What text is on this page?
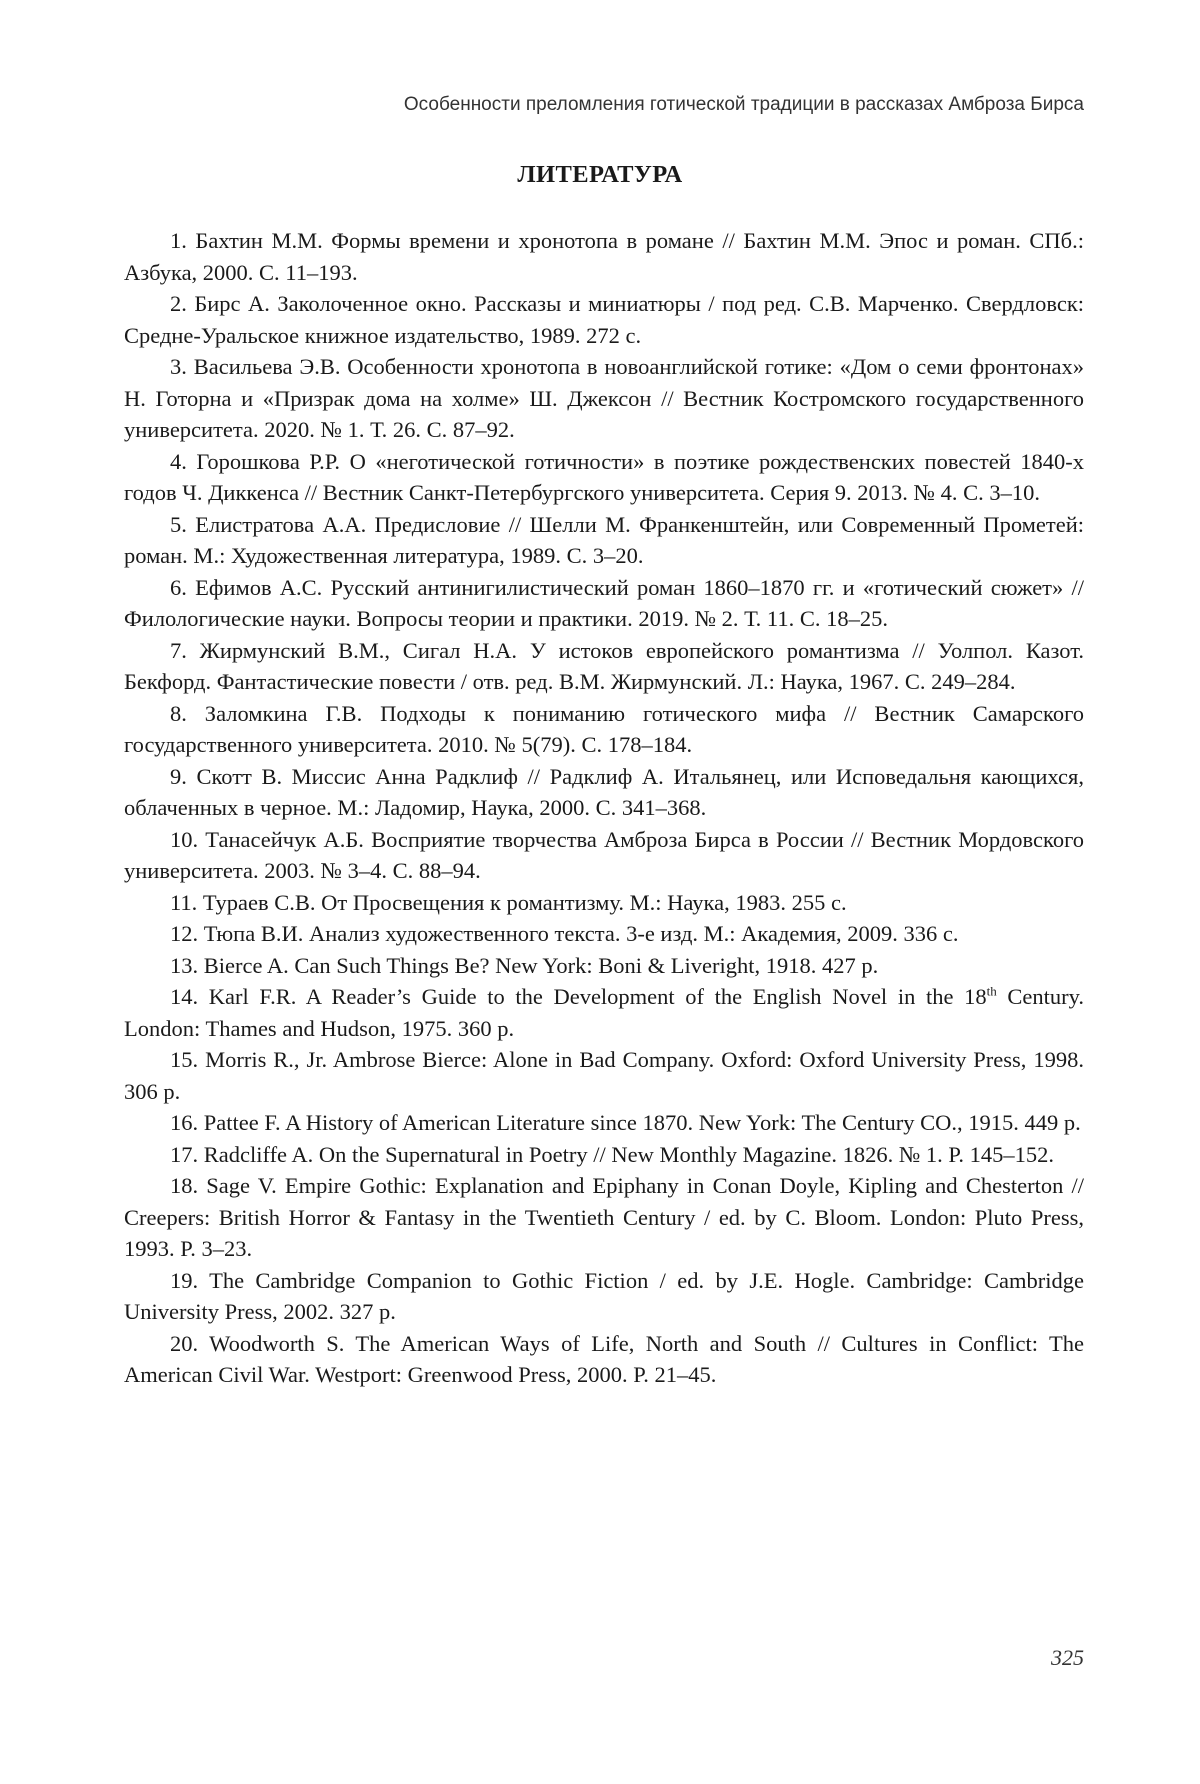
Особенности преломления готической традиции в рассказах Амброза Бирса
ЛИТЕРАТУРА
1. Бахтин М.М. Формы времени и хронотопа в романе // Бахтин М.М. Эпос и роман. СПб.: Азбука, 2000. С. 11–193.
2. Бирс А. Заколоченное окно. Рассказы и миниатюры / под ред. С.В. Марченко. Свердловск: Средне-Уральское книжное издательство, 1989. 272 с.
3. Васильева Э.В. Особенности хронотопа в новоанглийской готике: «Дом о семи фронтонах» Н. Готорна и «Призрак дома на холме» Ш. Джексон // Вестник Костромского государственного университета. 2020. № 1. Т. 26. С. 87–92.
4. Горошкова Р.Р. О «неготической готичности» в поэтике рождественских повестей 1840-х годов Ч. Диккенса // Вестник Санкт-Петербургского университета. Серия 9. 2013. № 4. С. 3–10.
5. Елистратова А.А. Предисловие // Шелли М. Франкенштейн, или Современный Прометей: роман. М.: Художественная литература, 1989. С. 3–20.
6. Ефимов А.С. Русский антинигилистический роман 1860–1870 гг. и «готический сюжет» // Филологические науки. Вопросы теории и практики. 2019. № 2. Т. 11. С. 18–25.
7. Жирмунский В.М., Сигал Н.А. У истоков европейского романтизма // Уолпол. Казот. Бекфорд. Фантастические повести / отв. ред. В.М. Жирмунский. Л.: Наука, 1967. С. 249–284.
8. Заломкина Г.В. Подходы к пониманию готического мифа // Вестник Самарского государственного университета. 2010. № 5(79). С. 178–184.
9. Скотт В. Миссис Анна Радклиф // Радклиф А. Итальянец, или Исповедальня кающихся, облаченных в черное. М.: Ладомир, Наука, 2000. С. 341–368.
10. Танасейчук А.Б. Восприятие творчества Амброза Бирса в России // Вестник Мордовского университета. 2003. № 3–4. С. 88–94.
11. Тураев С.В. От Просвещения к романтизму. М.: Наука, 1983. 255 с.
12. Тюпа В.И. Анализ художественного текста. 3-е изд. М.: Академия, 2009. 336 с.
13. Bierce A. Can Such Things Be? New York: Boni & Liveright, 1918. 427 p.
14. Karl F.R. A Reader’s Guide to the Development of the English Novel in the 18th Century. London: Thames and Hudson, 1975. 360 p.
15. Morris R., Jr. Ambrose Bierce: Alone in Bad Company. Oxford: Oxford University Press, 1998. 306 p.
16. Pattee F. A History of American Literature since 1870. New York: The Century CO., 1915. 449 p.
17. Radcliffe A. On the Supernatural in Poetry // New Monthly Magazine. 1826. № 1. P. 145–152.
18. Sage V. Empire Gothic: Explanation and Epiphany in Conan Doyle, Kipling and Chesterton // Creepers: British Horror & Fantasy in the Twentieth Century / ed. by C. Bloom. London: Pluto Press, 1993. P. 3–23.
19. The Cambridge Companion to Gothic Fiction / ed. by J.E. Hogle. Cambridge: Cambridge University Press, 2002. 327 p.
20. Woodworth S. The American Ways of Life, North and South // Cultures in Conflict: The American Civil War. Westport: Greenwood Press, 2000. P. 21–45.
325
